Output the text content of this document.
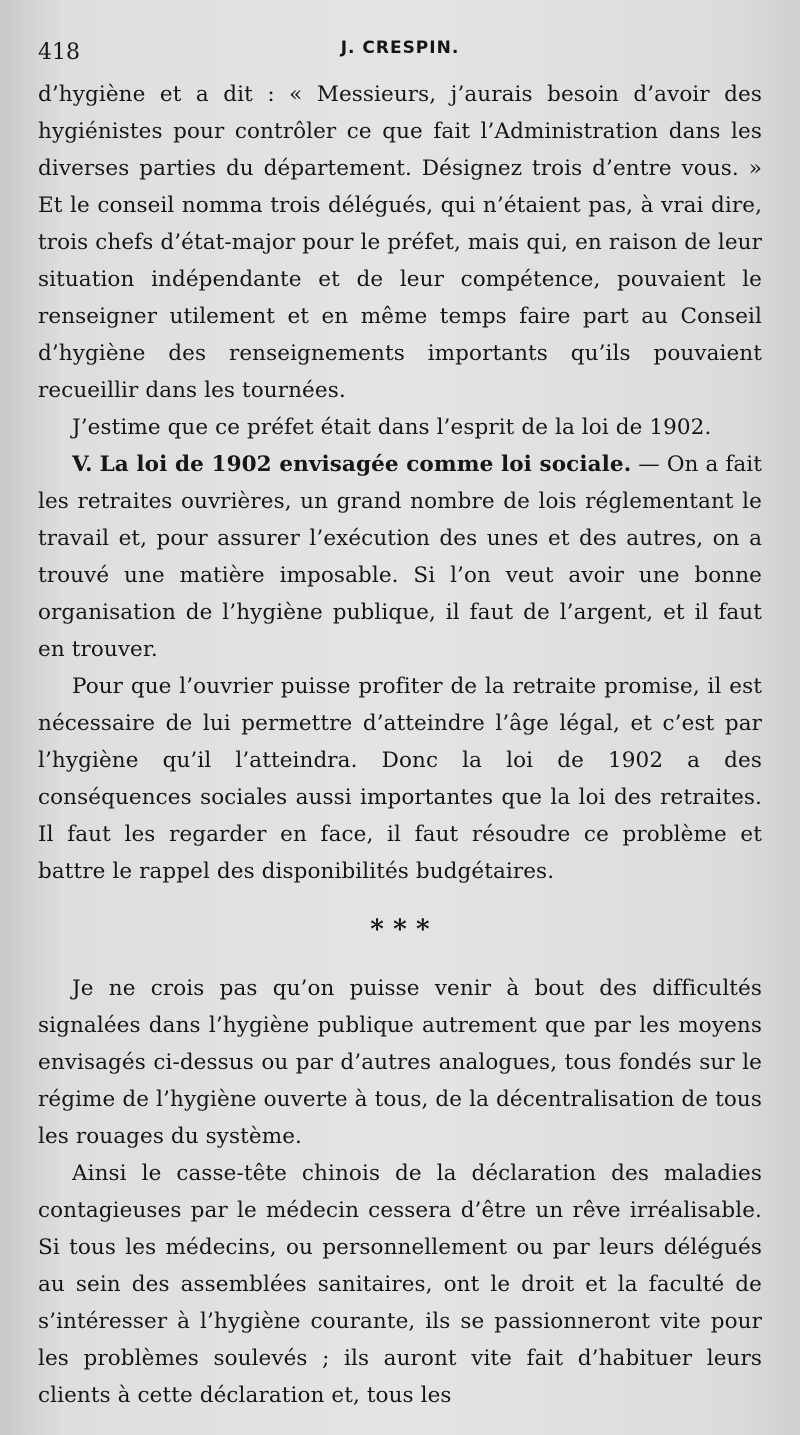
418	J. CRESPIN.

d’hygiène et a dit : « Messieurs, j’aurais besoin d’avoir des hygiénistes pour contrôler ce que fait l’Administration dans les diverses parties du département. Désignez trois d’entre vous. » Et le conseil nomma trois délégués, qui n’étaient pas, à vrai dire, trois chefs d’état-major pour le préfet, mais qui, en raison de leur situation indépendante et de leur compétence, pouvaient le renseigner utilement et en même temps faire part au Conseil d’hygiène des renseignements importants qu’ils pouvaient recueillir dans les tournées.

J’estime que ce préfet était dans l’esprit de la loi de 1902.

V. La loi de 1902 envisagée comme loi sociale. — On a fait les retraites ouvrières, un grand nombre de lois réglementant le travail et, pour assurer l’exécution des unes et des autres, on a trouvé une matière imposable. Si l’on veut avoir une bonne organisation de l’hygiène publique, il faut de l’argent, et il faut en trouver.

Pour que l’ouvrier puisse profiter de la retraite promise, il est nécessaire de lui permettre d’atteindre l’âge légal, et c’est par l’hygiène qu’il l’atteindra. Donc la loi de 1902 a des conséquences sociales aussi importantes que la loi des retraites. Il faut les regarder en face, il faut résoudre ce problème et battre le rappel des disponibilités budgétaires.

* * *

Je ne crois pas qu’on puisse venir à bout des difficultés signalées dans l’hygiène publique autrement que par les moyens envisagés ci-dessus ou par d’autres analogues, tous fondés sur le régime de l’hygiène ouverte à tous, de la décentralisation de tous les rouages du système.

Ainsi le casse-tête chinois de la déclaration des maladies contagieuses par le médecin cessera d’être un rêve irréalisable. Si tous les médecins, ou personnellement ou par leurs délégués au sein des assemblées sanitaires, ont le droit et la faculté de s’intéresser à l’hygiène courante, ils se passionneront vite pour les problèmes soulevés ; ils auront vite fait d’habituer leurs clients à cette déclaration et, tous les
